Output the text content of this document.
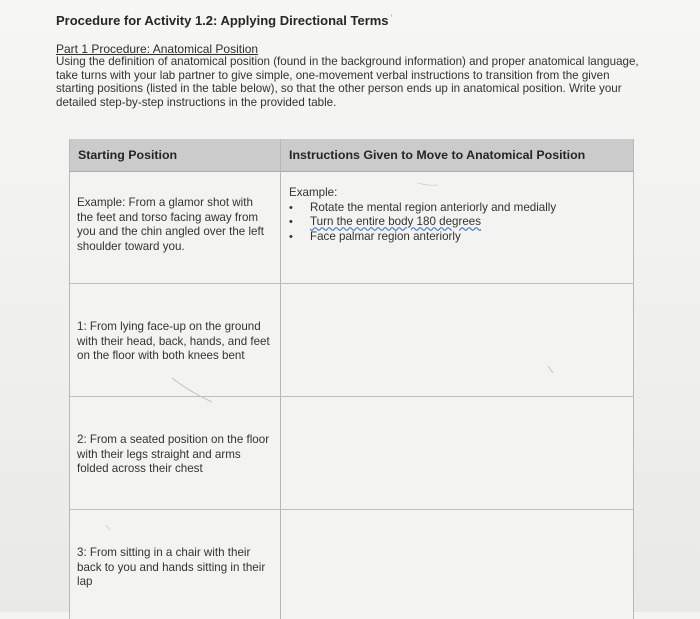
Procedure for Activity 1.2: Applying Directional Terms ’
Part 1 Procedure: Anatomical Position

Using the definition of anatomical position (found in the background information) and proper anatomical language,

take turns with your lab partner to give simple, one-movement verbal instructions to transition from the given

starting positions (listed in the table below), so that the other person ends up in anatomical position. Write your

detailed step-by-step instructions in the provided table.

Starting Position	Instructions Given to Move to Anatomical Position

Example: From a glamor shot with

the feet and torso facing away from

you and the chin angled over the left

shoulder toward you.

Example:

• Rotate the mental region anteriorly and medially
• Turn the entire body 180 degrees
• Face palmar region anteriorly

1: From lying face-up on the ground

with their head, back, hands, and feet

on the floor with both knees bent

2: From a seated position on the floor

with their legs straight and arms

folded across their chest

3: From sitting in a chair with their

back to you and hands sitting in their

lap
